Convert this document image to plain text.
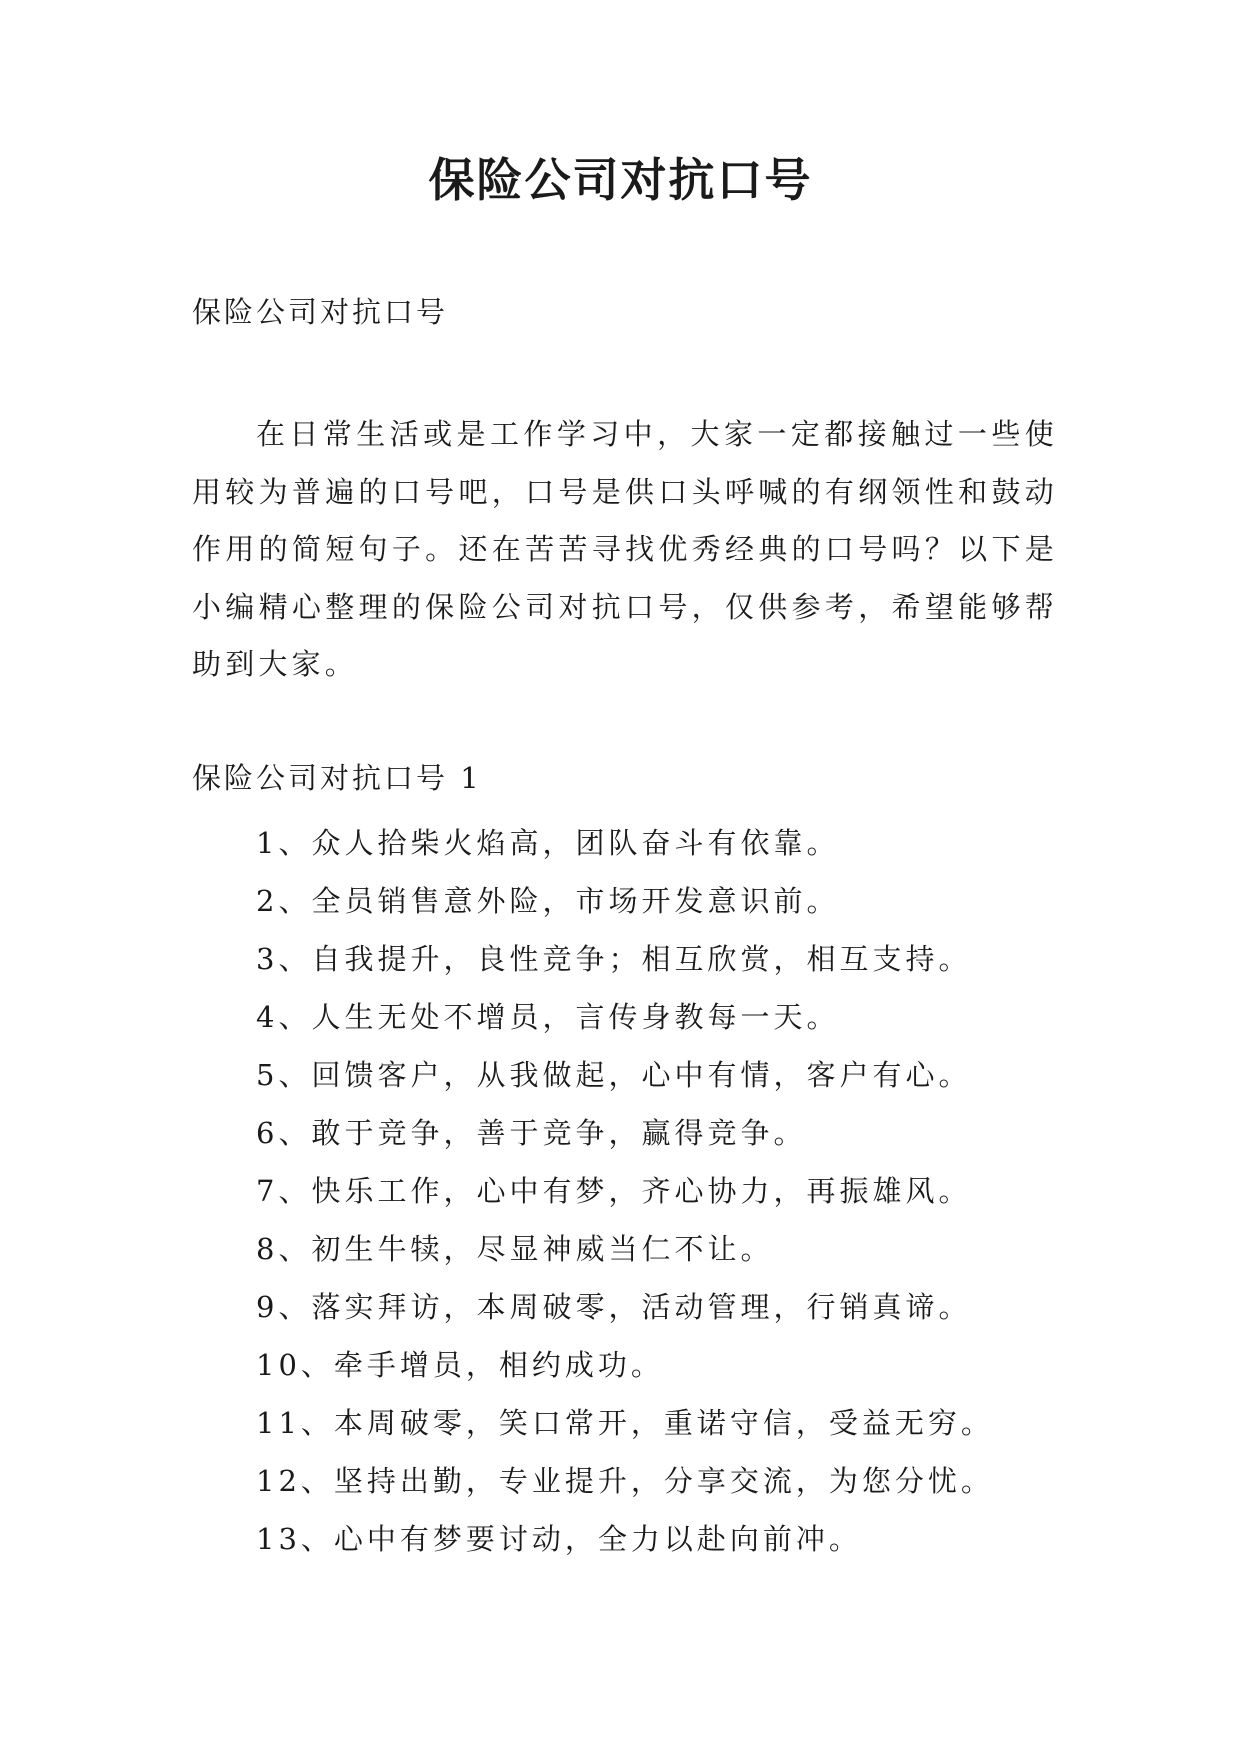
保险公司对抗口号

保险公司对抗口号

在日常生活或是工作学习中，大家一定都接触过一些使用较为普遍的口号吧，口号是供口头呼喊的有纲领性和鼓动作用的简短句子。还在苦苦寻找优秀经典的口号吗？以下是小编精心整理的保险公司对抗口号，仅供参考，希望能够帮助到大家。

保险公司对抗口号 1

1、众人拾柴火焰高，团队奋斗有依靠。
2、全员销售意外险，市场开发意识前。
3、自我提升，良性竞争；相互欣赏，相互支持。
4、人生无处不增员，言传身教每一天。
5、回馈客户，从我做起，心中有情，客户有心。
6、敢于竞争，善于竞争，赢得竞争。
7、快乐工作，心中有梦，齐心协力，再振雄风。
8、初生牛犊，尽显神威当仁不让。
9、落实拜访，本周破零，活动管理，行销真谛。
10、牵手增员，相约成功。
11、本周破零，笑口常开，重诺守信，受益无穷。
12、坚持出勤，专业提升，分享交流，为您分忧。
13、心中有梦要讨动，全力以赴向前冲。
